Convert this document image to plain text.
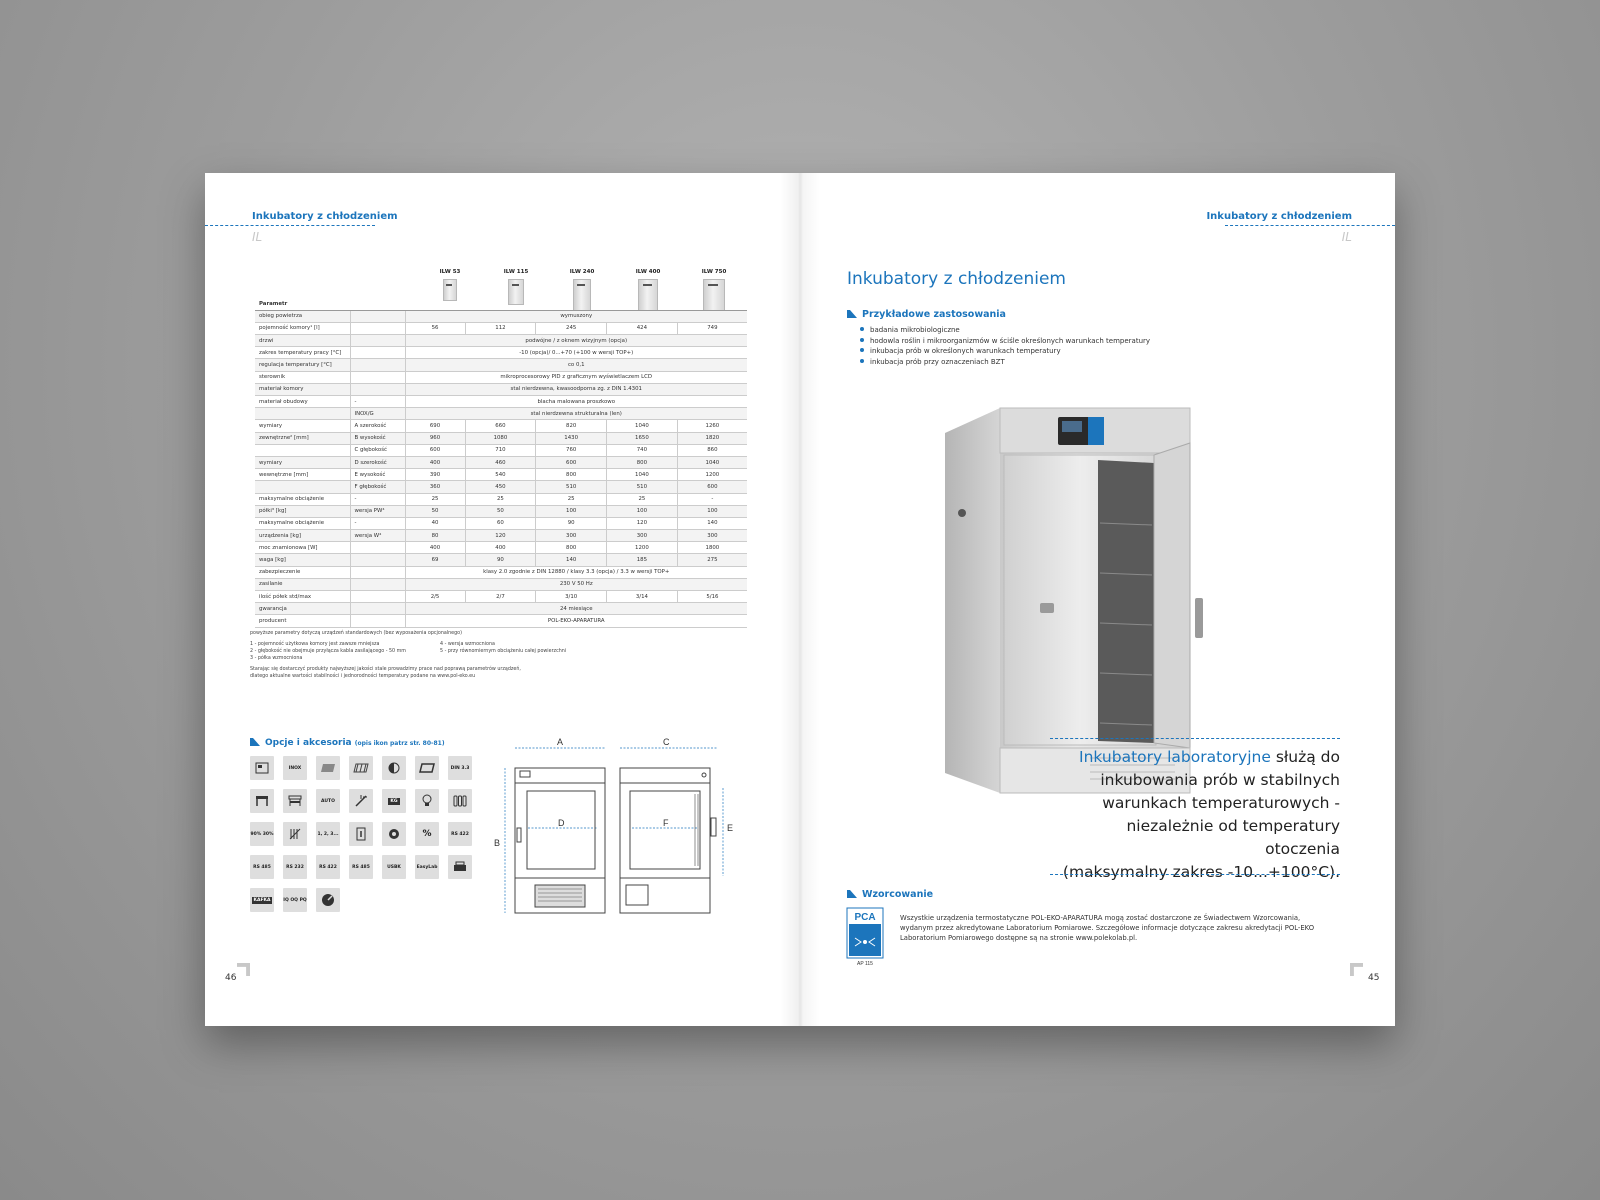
Inkubatory z chłodzeniem
IL
ILW 53	ILW 115	ILW 240	ILW 400	ILW 750
Parametr						
obieg powietrza		wymuszony				
pojemność komory¹ [l]		56	112	245	424	749
drzwi		podwójne / z oknem wizyjnym (opcja)				
zakres temperatury pracy [°C]		-10 (opcja)/ 0...+70 (+100 w wersji TOP+)				
regulacja temperatury [°C]		co 0,1				
sterownik		mikroprocesorowy PID z graficznym wyświetlaczem LCD				
materiał komory		stal nierdzewna, kwasoodporna zg. z DIN 1.4301				
materiał obudowy	-	blacha malowana proszkowo				
	INOX/G	stal nierdzewna strukturalna (len)				
wymiary	A szerokość	690	660	820	1040	1260
zewnętrzne² [mm]	B wysokość	960	1080	1430	1650	1820
	C głębokość	600	710	760	740	860
wymiary	D szerokość	400	460	600	800	1040
wewnętrzne [mm]	E wysokość	390	540	800	1040	1200
	F głębokość	360	450	510	510	600
maksymalne obciążenie	-	25	25	25	25	-
półki³ [kg]	wersja PW⁴	50	50	100	100	100
maksymalne obciążenie	-	40	60	90	120	140
urządzenia [kg]	wersja W⁴	80	120	300	300	300
moc znamionowa [W]		400	400	800	1200	1800
waga [kg]		69	90	140	185	275
zabezpieczenie		klasy 2.0 zgodnie z DIN 12880 / klasy 3.3 (opcja) / 3.3 w wersji TOP+				
zasilanie		230 V 50 Hz				
ilość półek std/max		2/5	2/7	3/10	3/14	5/16
gwarancja		24 miesiące				
producent		POL-EKO-APARATURA				
powyższe parametry dotyczą urządzeń standardowych (bez wyposażenia opcjonalnego)
1 - pojemność użytkowa komory jest zawsze mniejsza
2 - głębokość nie obejmuje przyłącza kabla zasilającego - 50 mm
3 - półka wzmocniona
4 - wersja wzmocniona
5 - przy równomiernym obciążeniu całej powierzchni
Starając się dostarczyć produkty najwyższej jakości stale prowadzimy prace nad poprawą parametrów urządzeń,
dlatego aktualne wartości stabilności i jednorodności temperatury podane na www.pol-eko.eu
Opcje i akcesoria (opis ikon patrz str. 80-81)
INOX	DIN 3.3
AUTO	KG
90% 30%	1, 2, 3...	%	RS 422
RS 485	RS 232	RS 422	RS 485	USBK	EasyLab
KAFKA	IQ OQ PQ
A
B
C
D	E
F
46
Inkubatory z chłodzeniem
IL
Inkubatory z chłodzeniem
Przykładowe zastosowania
badania mikrobiologiczne
hodowla roślin i mikroorganizmów w ściśle określonych warunkach temperatury
inkubacja prób w określonych warunkach temperatury
inkubacja prób przy oznaczeniach BZT
Inkubatory laboratoryjne służą do
inkubowania prób w stabilnych
warunkach temperaturowych -
niezależnie od temperatury otoczenia
(maksymalny zakres -10...+100°C).
Wzorcowanie
PCA
AP 115
Wszystkie urządzenia termostatyczne POL-EKO-APARATURA mogą zostać dostarczone ze Świadectwem Wzorcowania, wydanym przez akredytowane Laboratorium Pomiarowe. Szczegółowe informacje dotyczące zakresu akredytacji POL-EKO Laboratorium Pomiarowego dostępne są na stronie www.polekolab.pl.
45
